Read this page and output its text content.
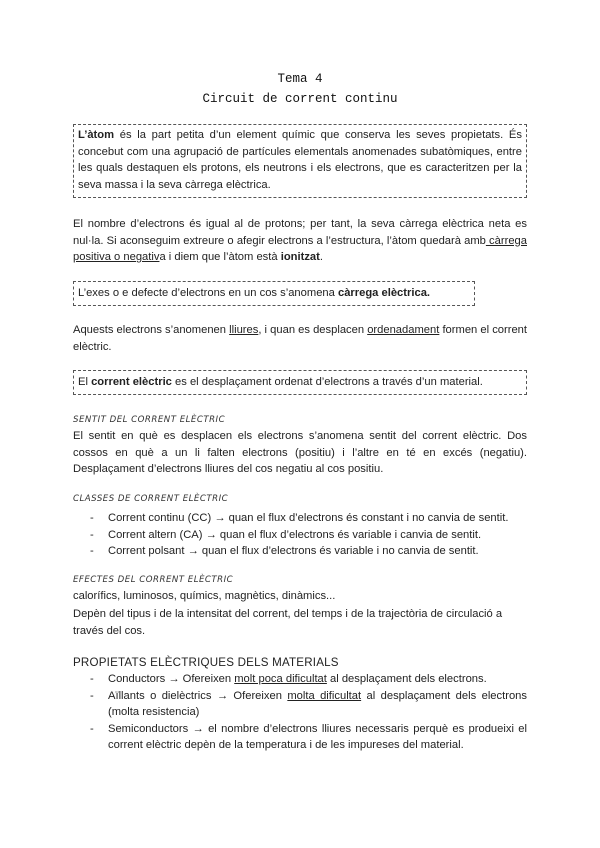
Tema 4
Circuit de corrent continu
L’àtom és la part petita d’un element químic que conserva les seves propietats. És concebut com una agrupació de partícules elementals anomenades subatòmiques, entre les quals destaquen els protons, els neutrons i els electrons, que es caracteritzen per la seva massa i la seva càrrega elèctrica.
El nombre d’electrons és igual al de protons; per tant, la seva càrrega elèctrica neta es nul·la. Si aconseguim extreure o afegir electrons a l’estructura, l’àtom quedarà amb càrrega positiva o negativa i diem que l’àtom està ionitzat.
L’exes o e defecte d’electrons en un cos s’anomena càrrega elèctrica.
Aquests electrons s’anomenen lliures, i quan es desplacen ordenadament formen el corrent elèctric.
El corrent elèctric es el desplaçament ordenat d’electrons a través d’un material.
SENTIT DEL CORRENT ELÈCTRIC
El sentit en què es desplacen els electrons s’anomena sentit del corrent elèctric. Dos cossos en què a un li falten electrons (positiu) i l’altre en té en excés (negatiu). Desplaçament d’electrons lliures del cos negatiu al cos positiu.
CLASSES DE CORRENT ELÈCTRIC
- Corrent continu (CC) → quan el flux d’electrons és constant i no canvia de sentit.
- Corrent altern (CA) → quan el flux d’electrons és variable i canvia de sentit.
- Corrent polsant → quan el flux d’electrons és variable i no canvia de sentit.
EFECTES DEL CORRENT ELÈCTRIC
calorífics, luminosos, químics, magnètics, dinàmics...
Depèn del tipus i de la intensitat del corrent, del temps i de la trajectòria de circulació a través del cos.
PROPIETATS ELÈCTRIQUES DELS MATERIALS
- Conductors → Ofereixen molt poca dificultat al desplaçament dels electrons.
- Aïllants o dielèctrics → Ofereixen molta dificultat al desplaçament dels electrons (molta resistencia)
- Semiconductors → el nombre d’electrons lliures necessaris perquè es produeixi el corrent elèctric depèn de la temperatura i de les impureses del material.
